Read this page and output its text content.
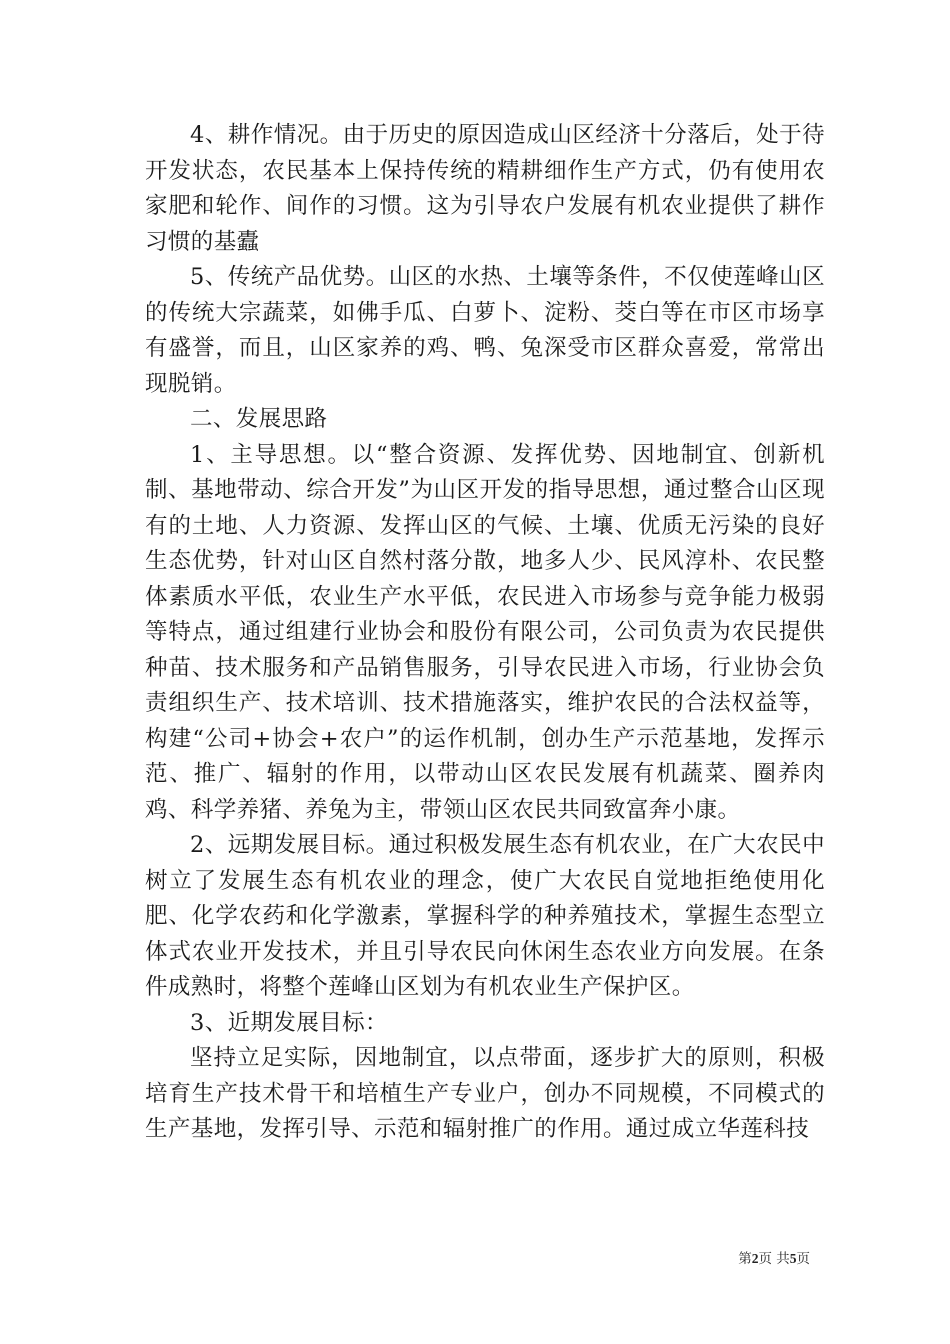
4、耕作情况。由于历史的原因造成山区经济十分落后，处于待开发状态，农民基本上保持传统的精耕细作生产方式，仍有使用农家肥和轮作、间作的习惯。这为引导农户发展有机农业提供了耕作习惯的基蠹

5、传统产品优势。山区的水热、土壤等条件，不仅使莲峰山区的传统大宗蔬菜，如佛手瓜、白萝卜、淀粉、茭白等在市区市场享有盛誉，而且，山区家养的鸡、鸭、兔深受市区群众喜爱，常常出现脱销。

二、发展思路

1、主导思想。以“整合资源、发挥优势、因地制宜、创新机制、基地带动、综合开发”为山区开发的指导思想，通过整合山区现有的土地、人力资源、发挥山区的气候、土壤、优质无污染的良好生态优势，针对山区自然村落分散，地多人少、民风淳朴、农民整体素质水平低，农业生产水平低，农民进入市场参与竞争能力极弱等特点，通过组建行业协会和股份有限公司，公司负责为农民提供种苗、技术服务和产品销售服务，引导农民进入市场，行业协会负责组织生产、技术培训、技术措施落实，维护农民的合法权益等，构建“公司+协会+农户”的运作机制，创办生产示范基地，发挥示范、推广、辐射的作用，以带动山区农民发展有机蔬菜、圈养肉鸡、科学养猪、养兔为主，带领山区农民共同致富奔小康。

2、远期发展目标。通过积极发展生态有机农业，在广大农民中树立了发展生态有机农业的理念，使广大农民自觉地拒绝使用化肥、化学农药和化学激素，掌握科学的种养殖技术，掌握生态型立体式农业开发技术，并且引导农民向休闲生态农业方向发展。在条件成熟时，将整个莲峰山区划为有机农业生产保护区。

3、近期发展目标：

坚持立足实际，因地制宜，以点带面，逐步扩大的原则，积极培育生产技术骨干和培植生产专业户，创办不同规模，不同模式的生产基地，发挥引导、示范和辐射推广的作用。通过成立华莲科技

第2页 共5页
